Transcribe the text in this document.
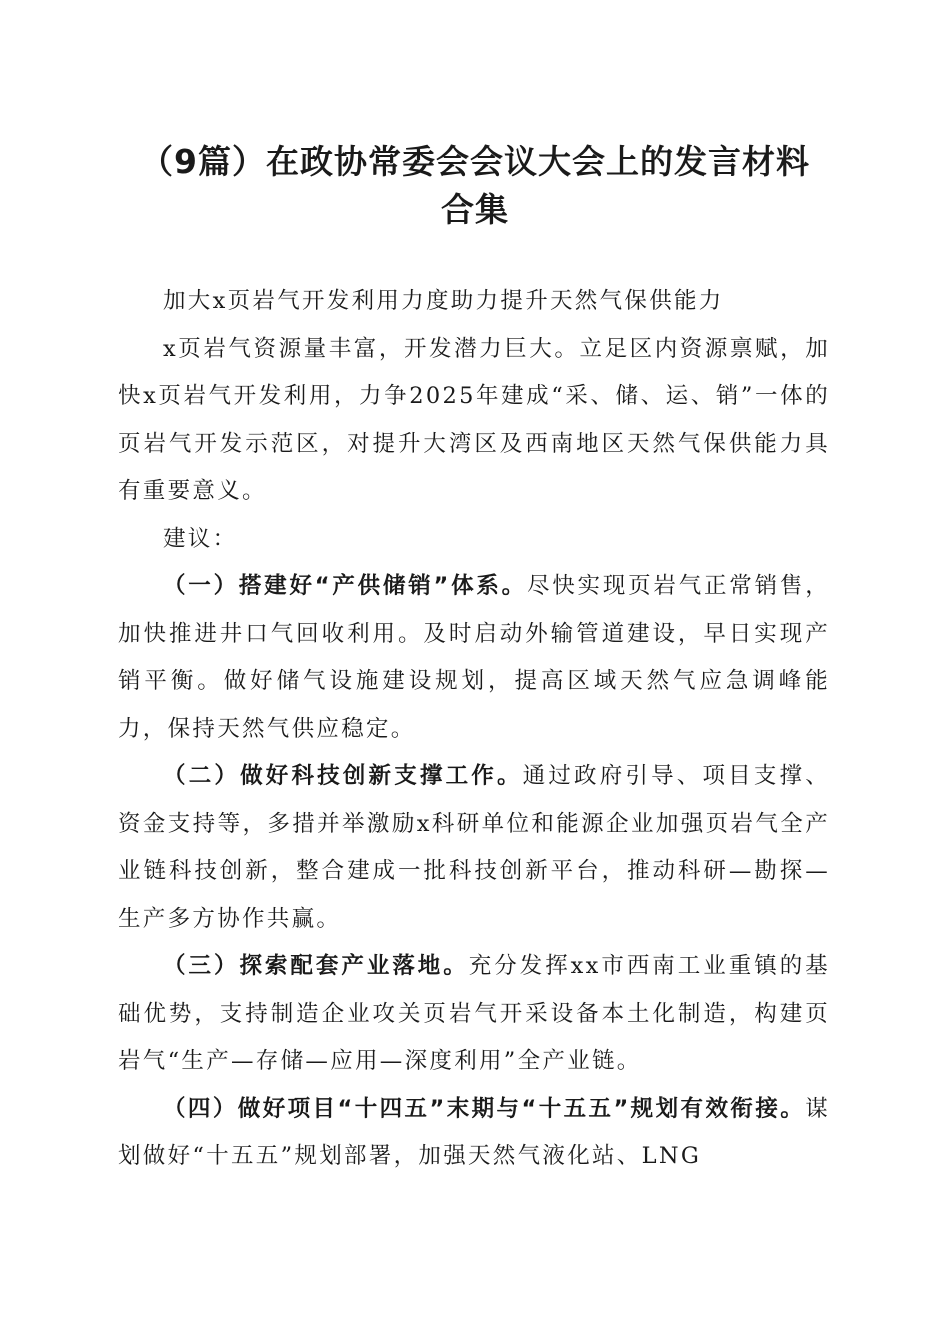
（9篇）在政协常委会会议大会上的发言材料
合集

加大x页岩气开发利用力度助力提升天然气保供能力

x页岩气资源量丰富，开发潜力巨大。立足区内资源禀赋，加快x页岩气开发利用，力争2025年建成“采、储、运、销”一体的页岩气开发示范区，对提升大湾区及西南地区天然气保供能力具有重要意义。

建议：

（一）搭建好“产供储销”体系。尽快实现页岩气正常销售，加快推进井口气回收利用。及时启动外输管道建设，早日实现产销平衡。做好储气设施建设规划，提高区域天然气应急调峰能力，保持天然气供应稳定。

（二）做好科技创新支撑工作。通过政府引导、项目支撑、资金支持等，多措并举激励x科研单位和能源企业加强页岩气全产业链科技创新，整合建成一批科技创新平台，推动科研—勘探—生产多方协作共赢。

（三）探索配套产业落地。充分发挥xx市西南工业重镇的基础优势，支持制造企业攻关页岩气开采设备本土化制造，构建页岩气“生产—存储—应用—深度利用”全产业链。

（四）做好项目“十四五”末期与“十五五”规划有效衔接。谋划做好“十五五”规划部署，加强天然气液化站、LNG
